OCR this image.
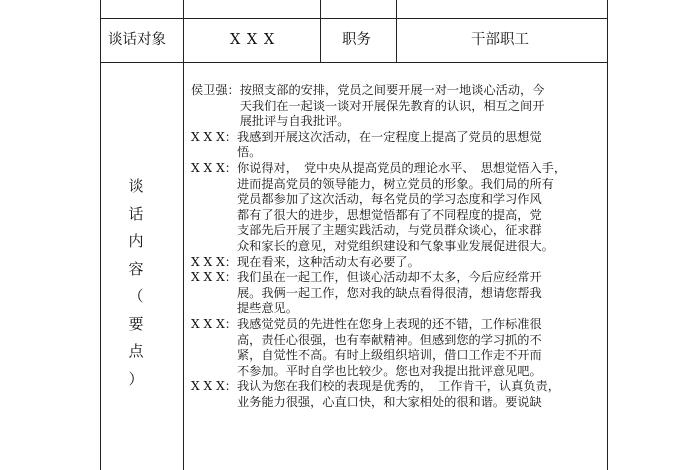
谈话对象	X X X	职务	干部职工
谈
话
内
容
（
要
点
）
侯卫强： 按照支部的安排，党员之间要开展一对一地谈心活动，今
天我们在一起谈一谈对开展保先教育的认识，相互之间开
展批评与自我批评。
X X X： 我感到开展这次活动，在一定程度上提高了党员的思想觉
悟。
X X X： 你说得对，　党中央从提高党员的理论水平、　思想觉悟入手，
进而提高党员的领导能力，树立党员的形象。我们局的所有
党员都参加了这次活动，每名党员的学习态度和学习作风
都有了很大的进步，思想觉悟都有了不同程度的提高，党
支部先后开展了主题实践活动，与党员群众谈心，征求群
众和家长的意见，对党组织建设和气象事业发展促进很大。
X X X： 现在看来，这种活动太有必要了。
X X X： 我们虽在一起工作，但谈心活动却不太多，今后应经常开
展。我俩一起工作，您对我的缺点看得很清，想请您帮我
提些意见。
X X X： 我感觉党员的先进性在您身上表现的还不错，工作标准很
高，责任心很强，也有奉献精神。但感到您的学习抓的不
紧，自觉性不高。有时上级组织培训，借口工作走不开而
不参加。平时自学也比较少。您也对我提出批评意见吧。
X X X： 我认为您在我们校的表现是优秀的，　工作肯干，认真负责，
业务能力很强，心直口快，和大家相处的很和谐。要说缺
